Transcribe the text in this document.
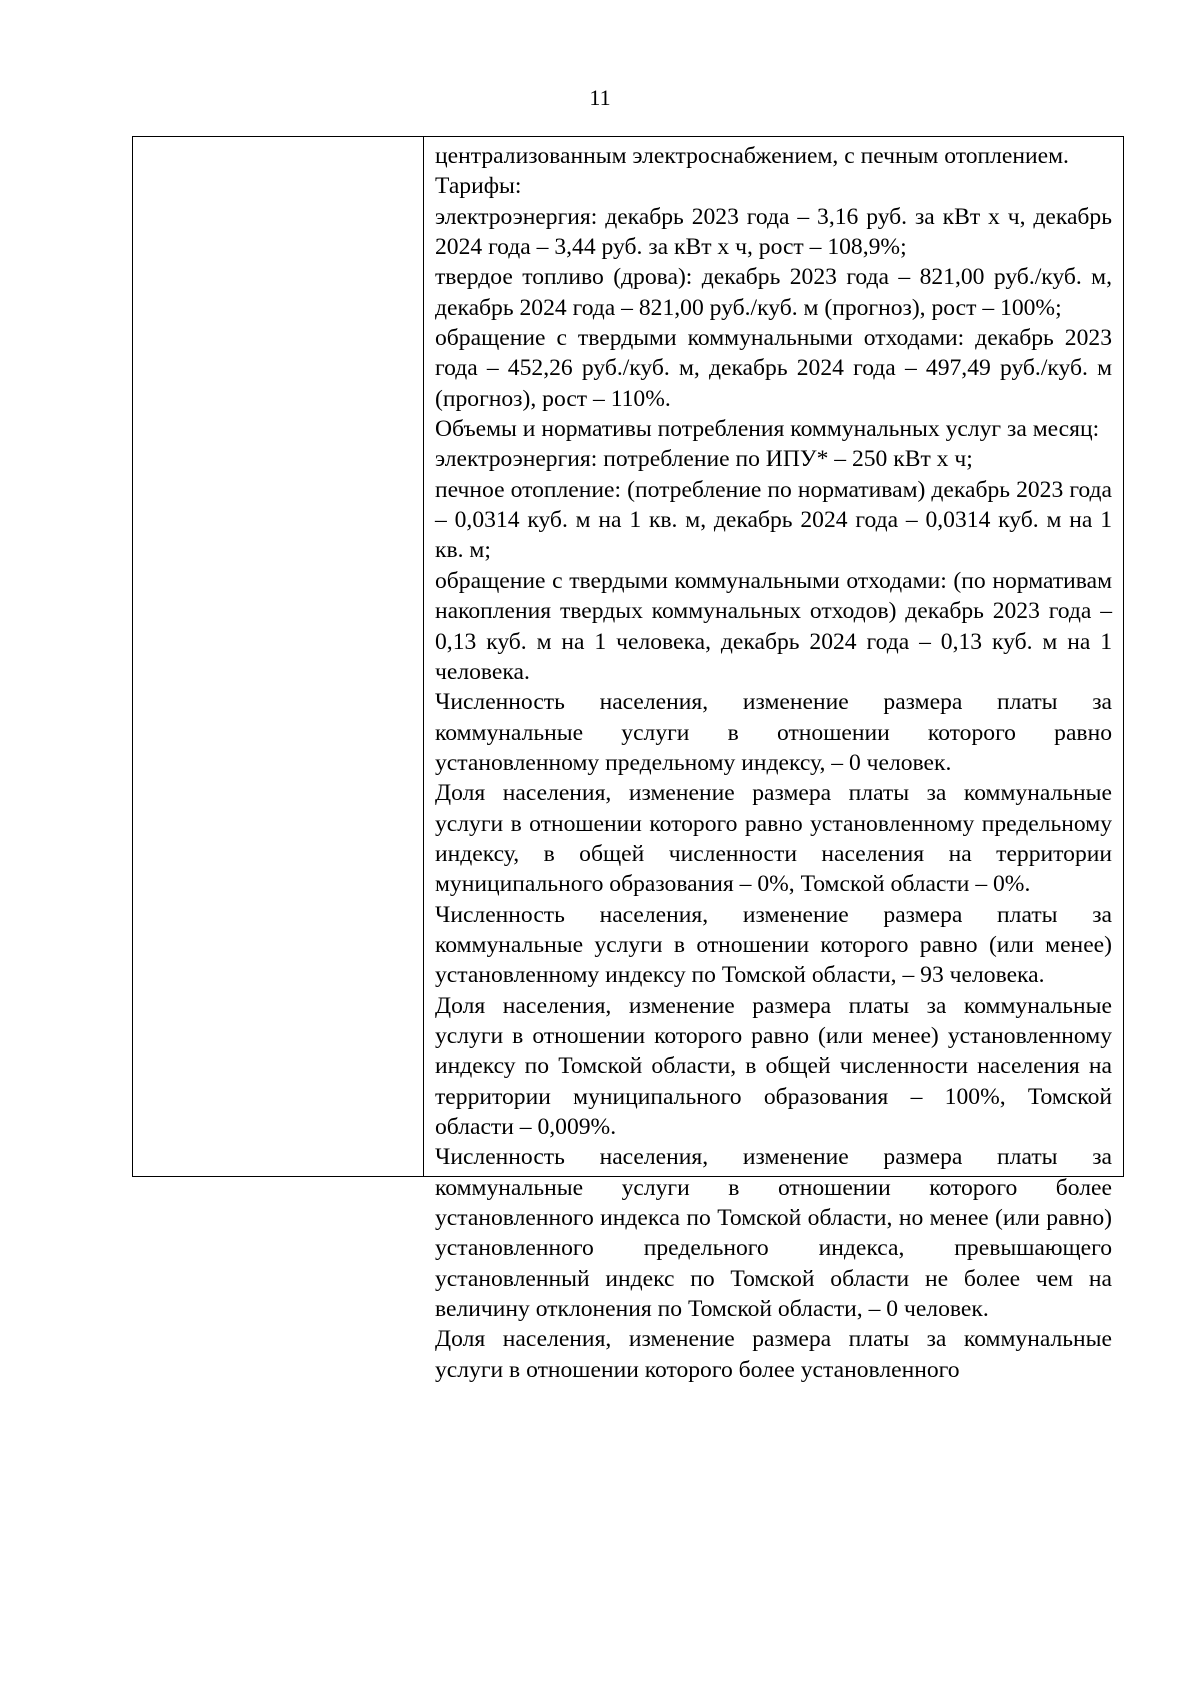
11

централизованным электроснабжением, с печным отоплением.

Тарифы:

электроэнергия: декабрь 2023 года – 3,16 руб. за кВт х ч, декабрь 2024 года – 3,44 руб. за кВт х ч, рост – 108,9%;

твердое топливо (дрова): декабрь 2023 года – 821,00 руб./куб. м, декабрь 2024 года – 821,00 руб./куб. м (прогноз), рост – 100%;

обращение с твердыми коммунальными отходами: декабрь 2023 года – 452,26 руб./куб. м, декабрь 2024 года – 497,49 руб./куб. м (прогноз), рост – 110%.

Объемы и нормативы потребления коммунальных услуг за месяц:

электроэнергия: потребление по ИПУ* – 250 кВт х ч;

печное отопление: (потребление по нормативам) декабрь 2023 года – 0,0314 куб. м на 1 кв. м, декабрь 2024 года – 0,0314 куб. м на 1 кв. м;

обращение с твердыми коммунальными отходами: (по нормативам накопления твердых коммунальных отходов) декабрь 2023 года – 0,13 куб. м на 1 человека, декабрь 2024 года – 0,13 куб. м на 1 человека.

Численность населения, изменение размера платы за коммунальные услуги в отношении которого равно установленному предельному индексу, – 0 человек.

Доля населения, изменение размера платы за коммунальные услуги в отношении которого равно установленному предельному индексу, в общей численности населения на территории муниципального образования – 0%, Томской области – 0%.

Численность населения, изменение размера платы за коммунальные услуги в отношении которого равно (или менее) установленному индексу по Томской области, – 93 человека.

Доля населения, изменение размера платы за коммунальные услуги в отношении которого равно (или менее) установленному индексу по Томской области, в общей численности населения на территории муниципального образования – 100%, Томской области – 0,009%.

Численность населения, изменение размера платы за коммунальные услуги в отношении которого более установленного индекса по Томской области, но менее (или равно) установленного предельного индекса, превышающего установленный индекс по Томской области не более чем на величину отклонения по Томской области, – 0 человек.

Доля населения, изменение размера платы за коммунальные услуги в отношении которого более установленного
